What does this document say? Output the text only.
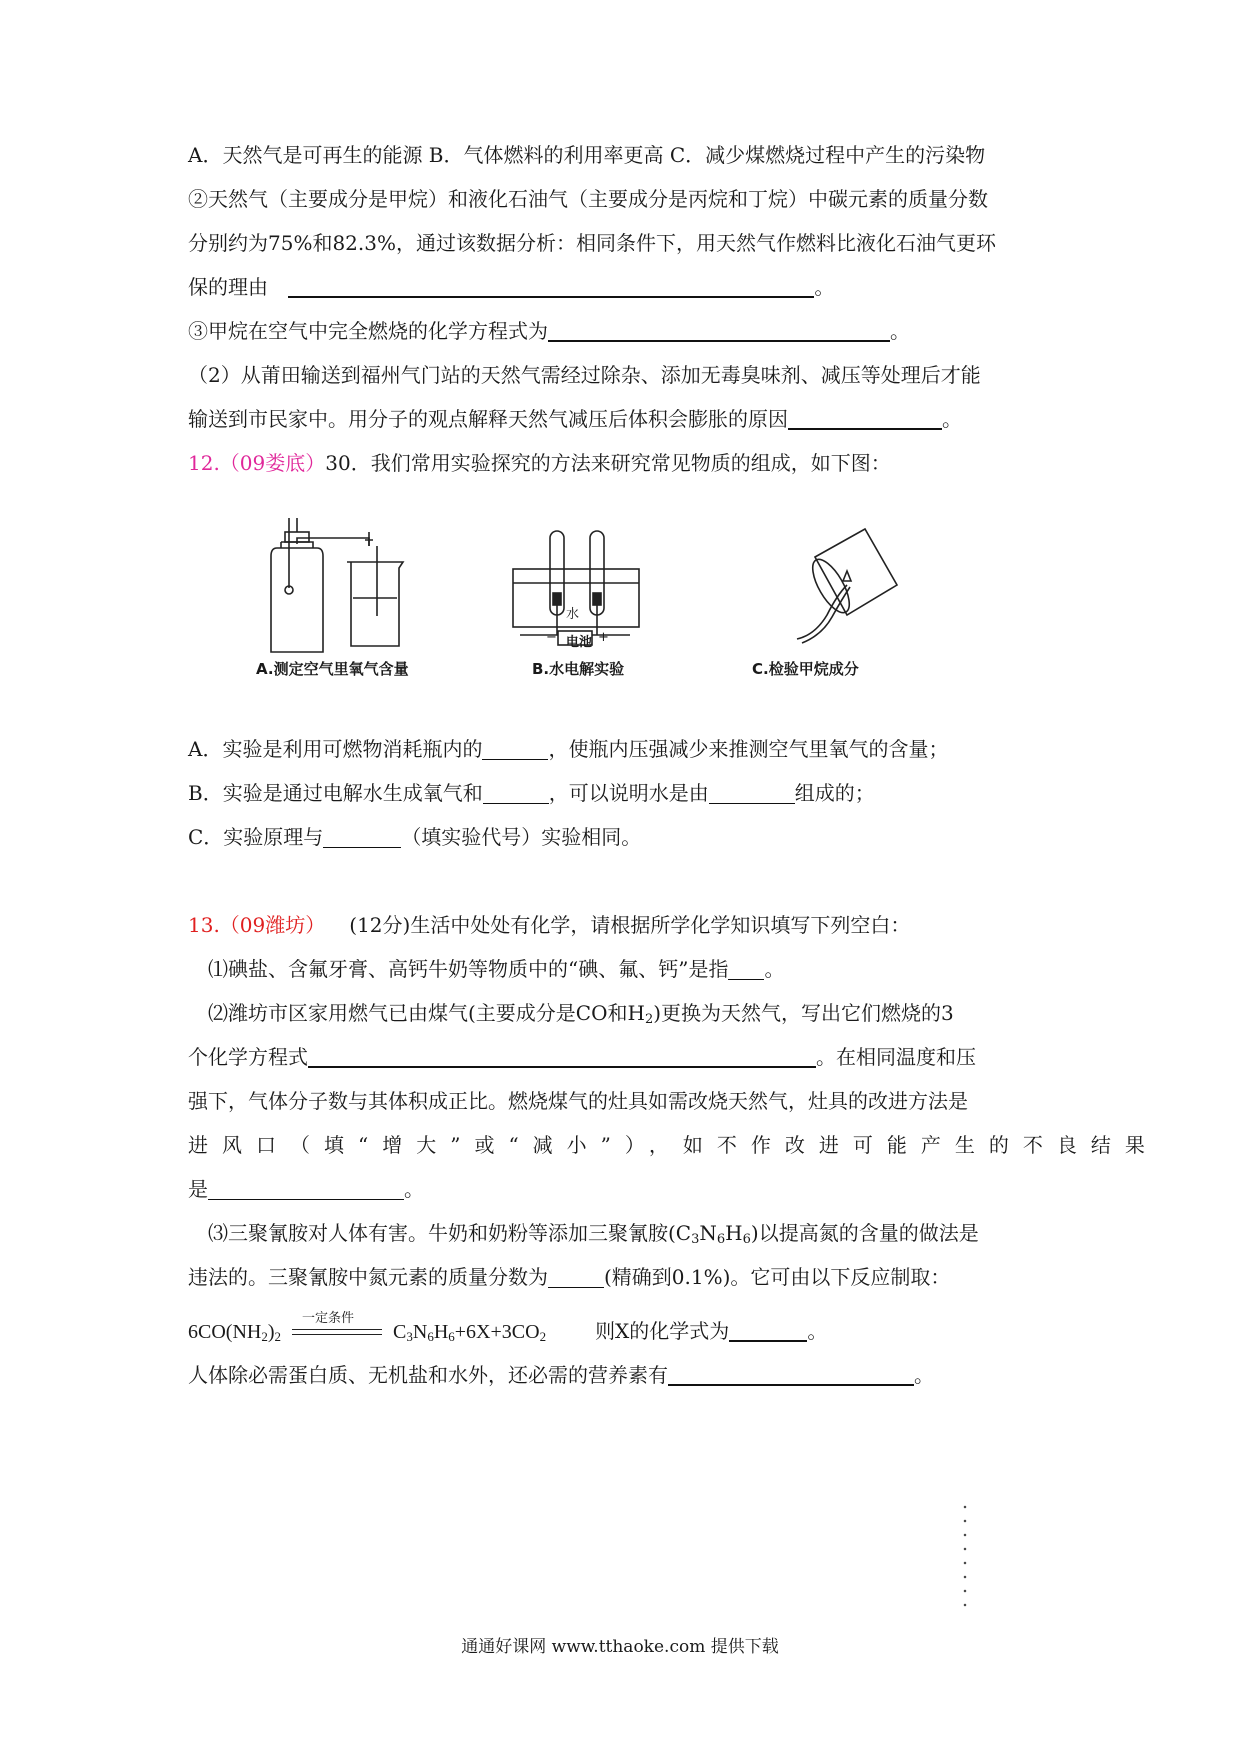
A．天然气是可再生的能源 B．气体燃料的利用率更高 C．减少煤燃烧过程中产生的污染物
②天然气（主要成分是甲烷）和液化石油气（主要成分是丙烷和丁烷）中碳元素的质量分数
分别约为75%和82.3%，通过该数据分析：相同条件下，用天然气作燃料比液化石油气更环
保的理由	。
③甲烷在空气中完全燃烧的化学方程式为	。
（2）从莆田输送到福州气门站的天然气需经过除杂、添加无毒臭味剂、减压等处理后才能
输送到市民家中。用分子的观点解释天然气减压后体积会膨胀的原因	。
12.（09娄底）30．我们常用实验探究的方法来研究常见物质的组成，如下图：
A.测定空气里氧气含量
水
电池
−	+
B.水电解实验	C.检验甲烷成分
A．实验是利用可燃物消耗瓶内的	，使瓶内压强减少来推测空气里氧气的含量；
B．实验是通过电解水生成氧气和	，可以说明水是由	组成的；
C．实验原理与	（填实验代号）实验相同。
13.（09潍坊） (12分)生活中处处有化学，请根据所学化学知识填写下列空白：
⑴碘盐、含氟牙膏、高钙牛奶等物质中的“碘、氟、钙”是指 。
⑵潍坊市区家用燃气已由煤气(主要成分是CO和$H_2$)更换为天然气，写出它们燃烧的3
个化学方程式	。在相同温度和压
强下，气体分子数与其体积成正比。燃烧煤气的灶具如需改烧天然气，灶具的改进方法是
进风口（填“增大”或“减小”），如不作改进可能产生的不良结果
是	。
⑶三聚氰胺对人体有害。牛奶和奶粉等添加三聚氰胺$(C_3N_6H_6)$以提高氮的含量的做法是
违法的。三聚氰胺中氮元素的质量分数为	(精确到0.1%)。它可由以下反应制取：
$6CO(NH_2)_2$
一定条件
$C_3N_6H_6+6X+3CO_2$ 则X的化学式为	。
人体除必需蛋白质、无机盐和水外，还必需的营养素有	。
通通好课网 www.tthaoke.com 提供下载
